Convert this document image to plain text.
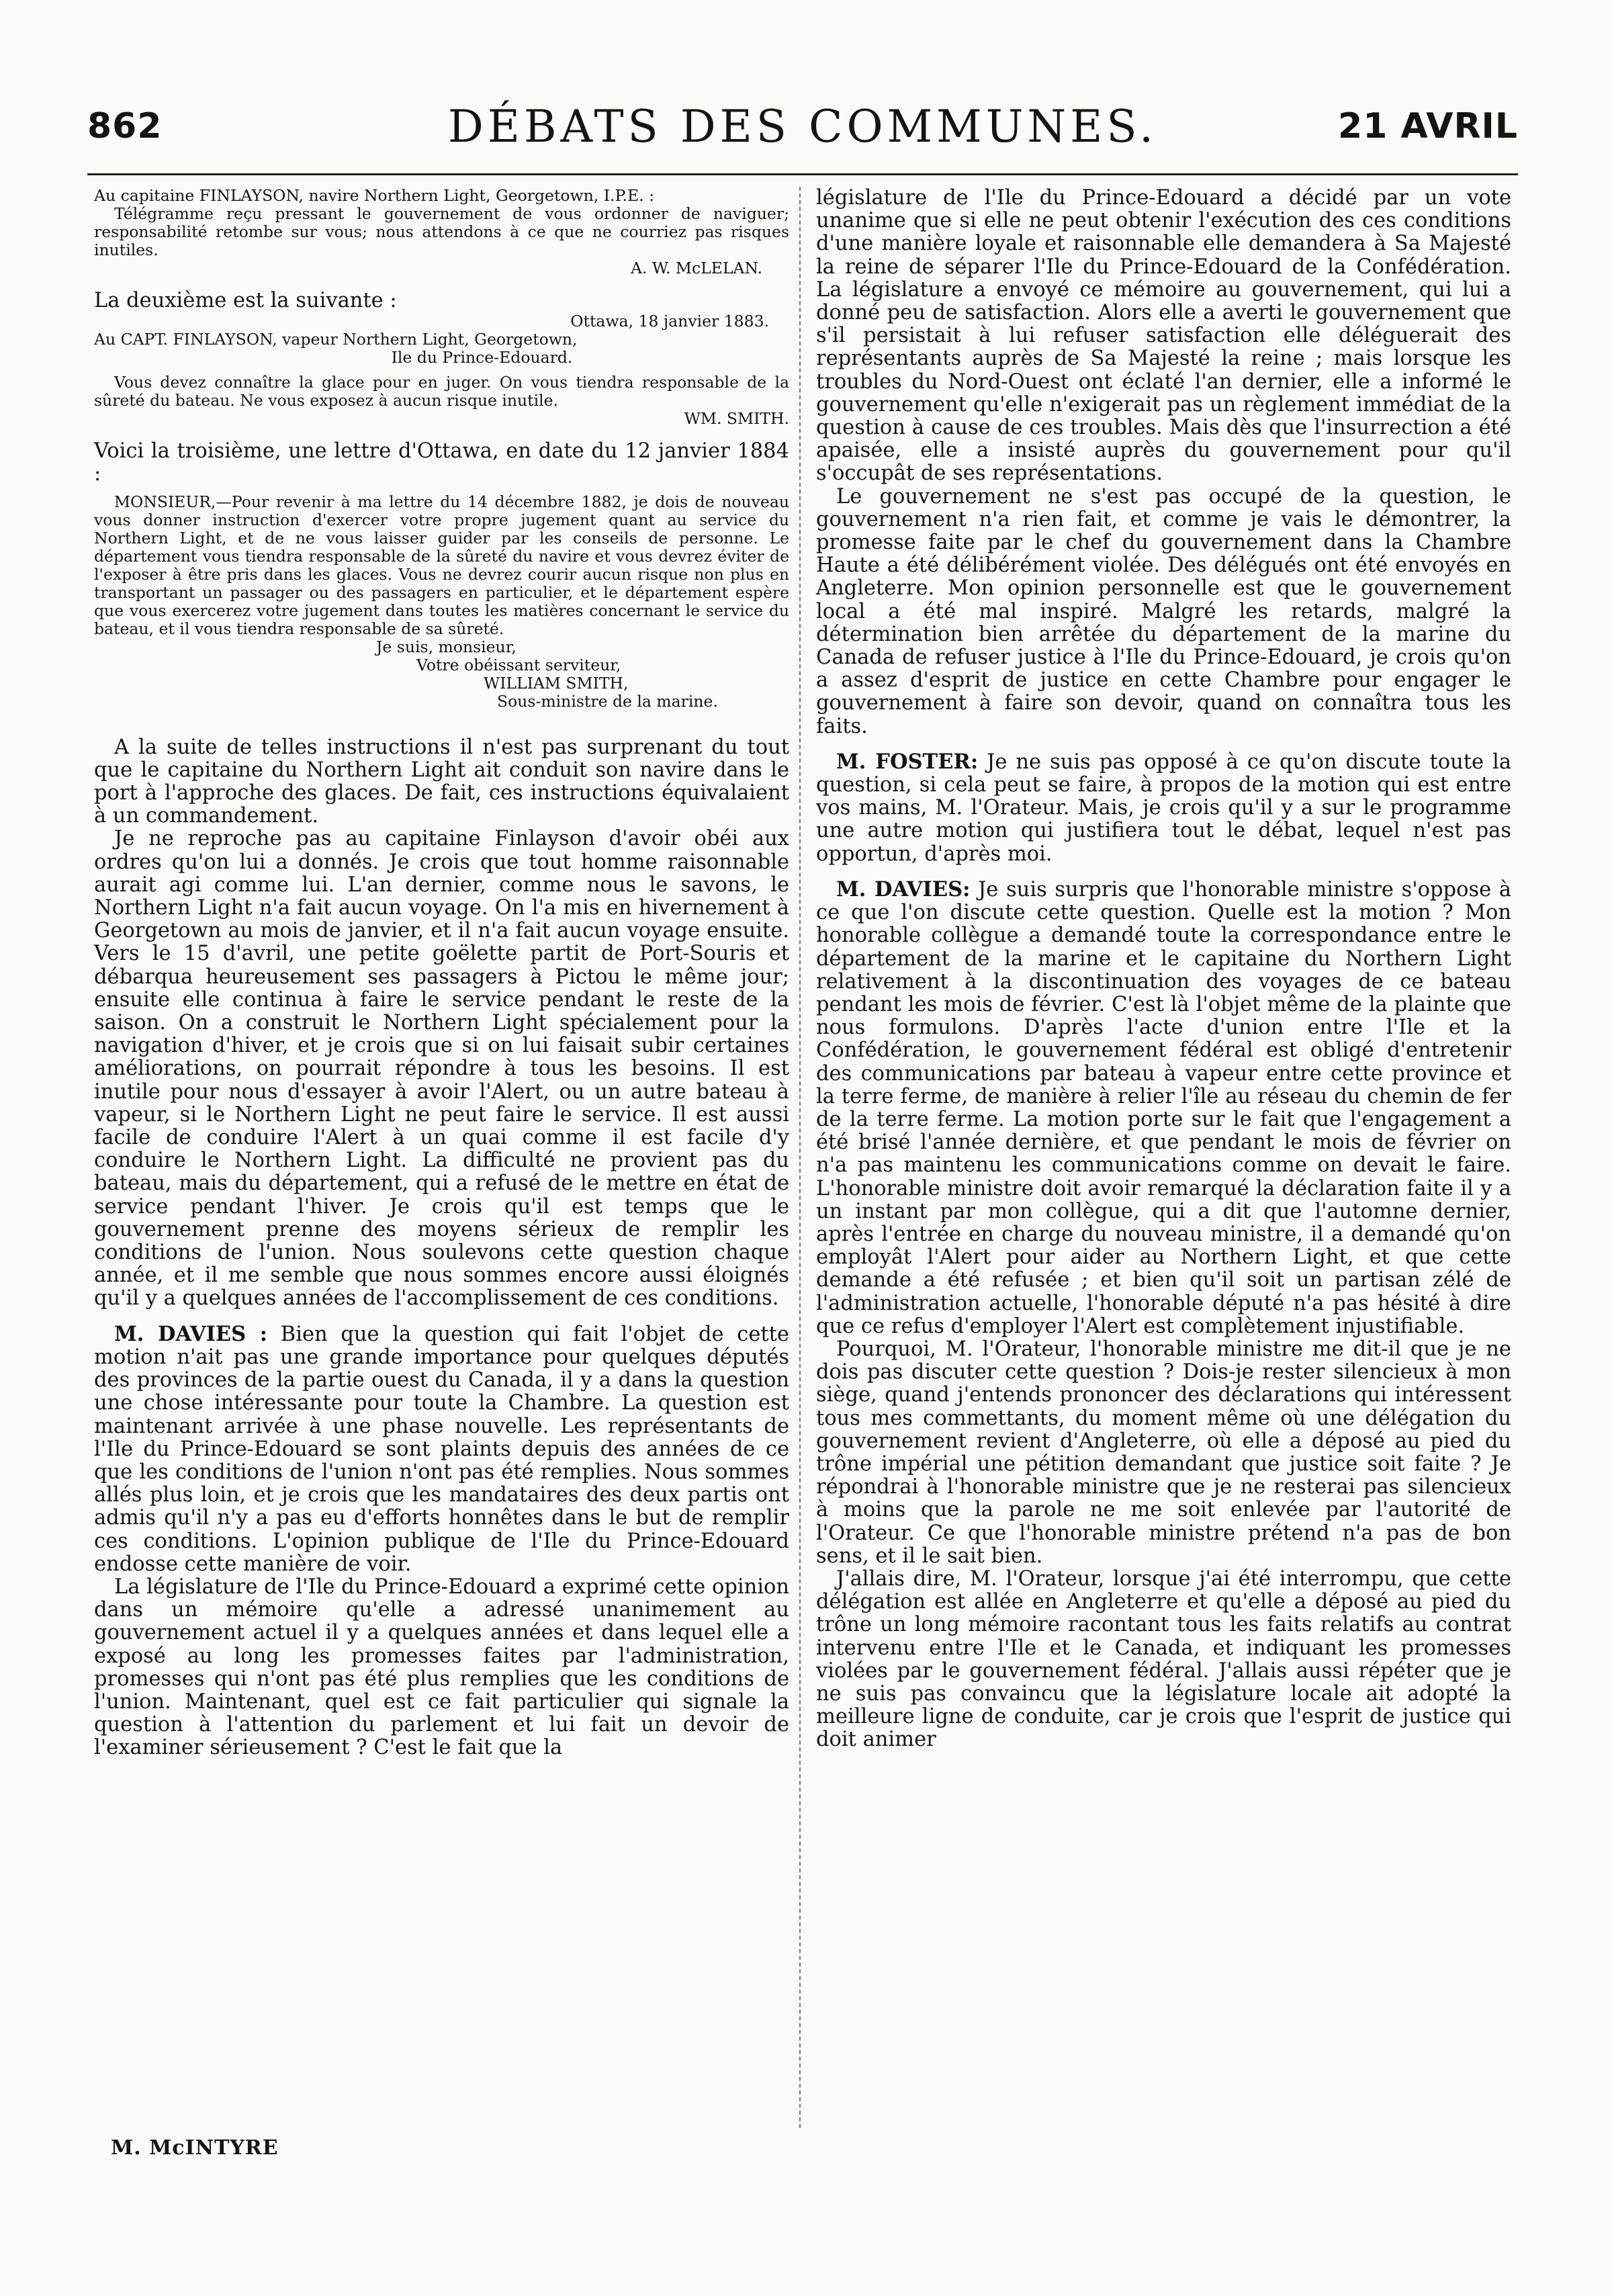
862	DÉBATS DES COMMUNES.	21 AVRIL

Au capitaine FINLAYSON, navire Northern Light, Georgetown, I.P.E. :

Télégramme reçu pressant le gouvernement de vous ordonner de naviguer; responsabilité retombe sur vous; nous attendons à ce que ne courriez pas risques inutiles.

A. W. McLELAN.

La deuxième est la suivante :

Ottawa, 18 janvier 1883.

Au CAPT. FINLAYSON, vapeur Northern Light, Georgetown,

Ile du Prince-Edouard.

Vous devez connaître la glace pour en juger. On vous tiendra responsable de la sûreté du bateau. Ne vous exposez à aucun risque inutile.

WM. SMITH.

Voici la troisième, une lettre d'Ottawa, en date du 12 janvier 1884 :

MONSIEUR,—Pour revenir à ma lettre du 14 décembre 1882, je dois de nouveau vous donner instruction d'exercer votre propre jugement quant au service du Northern Light, et de ne vous laisser guider par les conseils de personne. Le département vous tiendra responsable de la sûreté du navire et vous devrez éviter de l'exposer à être pris dans les glaces. Vous ne devrez courir aucun risque non plus en transportant un passager ou des passagers en particulier, et le département espère que vous exercerez votre jugement dans toutes les matières concernant le service du bateau, et il vous tiendra responsable de sa sûreté.

Je suis, monsieur,

Votre obéissant serviteur,

WILLIAM SMITH,

Sous-ministre de la marine.

A la suite de telles instructions il n'est pas surprenant du tout que le capitaine du Northern Light ait conduit son navire dans le port à l'approche des glaces. De fait, ces instructions équivalaient à un commandement.

Je ne reproche pas au capitaine Finlayson d'avoir obéi aux ordres qu'on lui a donnés. Je crois que tout homme raisonnable aurait agi comme lui. L'an dernier, comme nous le savons, le Northern Light n'a fait aucun voyage. On l'a mis en hivernement à Georgetown au mois de janvier, et il n'a fait aucun voyage ensuite. Vers le 15 d'avril, une petite goëlette partit de Port-Souris et débarqua heureusement ses passagers à Pictou le même jour; ensuite elle continua à faire le service pendant le reste de la saison. On a construit le Northern Light spécialement pour la navigation d'hiver, et je crois que si on lui faisait subir certaines améliorations, on pourrait répondre à tous les besoins. Il est inutile pour nous d'essayer à avoir l'Alert, ou un autre bateau à vapeur, si le Northern Light ne peut faire le service. Il est aussi facile de conduire l'Alert à un quai comme il est facile d'y conduire le Northern Light. La difficulté ne provient pas du bateau, mais du département, qui a refusé de le mettre en état de service pendant l'hiver. Je crois qu'il est temps que le gouvernement prenne des moyens sérieux de remplir les conditions de l'union. Nous soulevons cette question chaque année, et il me semble que nous sommes encore aussi éloignés qu'il y a quelques années de l'accomplissement de ces conditions.

M. DAVIES : Bien que la question qui fait l'objet de cette motion n'ait pas une grande importance pour quelques députés des provinces de la partie ouest du Canada, il y a dans la question une chose intéressante pour toute la Chambre. La question est maintenant arrivée à une phase nouvelle. Les représentants de l'Ile du Prince-Edouard se sont plaints depuis des années de ce que les conditions de l'union n'ont pas été remplies. Nous sommes allés plus loin, et je crois que les mandataires des deux partis ont admis qu'il n'y a pas eu d'efforts honnêtes dans le but de remplir ces conditions. L'opinion publique de l'Ile du Prince-Edouard endosse cette manière de voir.

La législature de l'Ile du Prince-Edouard a exprimé cette opinion dans un mémoire qu'elle a adressé unanimement au gouvernement actuel il y a quelques années et dans lequel elle a exposé au long les promesses faites par l'administration, promesses qui n'ont pas été plus remplies que les conditions de l'union. Maintenant, quel est ce fait particulier qui signale la question à l'attention du parlement et lui fait un devoir de l'examiner sérieusement ? C'est le fait que la

législature de l'Ile du Prince-Edouard a décidé par un vote unanime que si elle ne peut obtenir l'exécution des ces conditions d'une manière loyale et raisonnable elle demandera à Sa Majesté la reine de séparer l'Ile du Prince-Edouard de la Confédération. La législature a envoyé ce mémoire au gouvernement, qui lui a donné peu de satisfaction. Alors elle a averti le gouvernement que s'il persistait à lui refuser satisfaction elle déléguerait des représentants auprès de Sa Majesté la reine ; mais lorsque les troubles du Nord-Ouest ont éclaté l'an dernier, elle a informé le gouvernement qu'elle n'exigerait pas un règlement immédiat de la question à cause de ces troubles. Mais dès que l'insurrection a été apaisée, elle a insisté auprès du gouvernement pour qu'il s'occupât de ses représentations.

Le gouvernement ne s'est pas occupé de la question, le gouvernement n'a rien fait, et comme je vais le démontrer, la promesse faite par le chef du gouvernement dans la Chambre Haute a été délibérément violée. Des délégués ont été envoyés en Angleterre. Mon opinion personnelle est que le gouvernement local a été mal inspiré. Malgré les retards, malgré la détermination bien arrêtée du département de la marine du Canada de refuser justice à l'Ile du Prince-Edouard, je crois qu'on a assez d'esprit de justice en cette Chambre pour engager le gouvernement à faire son devoir, quand on connaîtra tous les faits.

M. FOSTER: Je ne suis pas opposé à ce qu'on discute toute la question, si cela peut se faire, à propos de la motion qui est entre vos mains, M. l'Orateur. Mais, je crois qu'il y a sur le programme une autre motion qui justifiera tout le débat, lequel n'est pas opportun, d'après moi.

M. DAVIES: Je suis surpris que l'honorable ministre s'oppose à ce que l'on discute cette question. Quelle est la motion ? Mon honorable collègue a demandé toute la correspondance entre le département de la marine et le capitaine du Northern Light relativement à la discontinuation des voyages de ce bateau pendant les mois de février. C'est là l'objet même de la plainte que nous formulons. D'après l'acte d'union entre l'Ile et la Confédération, le gouvernement fédéral est obligé d'entretenir des communications par bateau à vapeur entre cette province et la terre ferme, de manière à relier l'île au réseau du chemin de fer de la terre ferme. La motion porte sur le fait que l'engagement a été brisé l'année dernière, et que pendant le mois de février on n'a pas maintenu les communications comme on devait le faire. L'honorable ministre doit avoir remarqué la déclaration faite il y a un instant par mon collègue, qui a dit que l'automne dernier, après l'entrée en charge du nouveau ministre, il a demandé qu'on employât l'Alert pour aider au Northern Light, et que cette demande a été refusée ; et bien qu'il soit un partisan zélé de l'administration actuelle, l'honorable député n'a pas hésité à dire que ce refus d'employer l'Alert est complètement injustifiable.

Pourquoi, M. l'Orateur, l'honorable ministre me dit-il que je ne dois pas discuter cette question ? Dois-je rester silencieux à mon siège, quand j'entends prononcer des déclarations qui intéressent tous mes commettants, du moment même où une délégation du gouvernement revient d'Angleterre, où elle a déposé au pied du trône impérial une pétition demandant que justice soit faite ? Je répondrai à l'honorable ministre que je ne resterai pas silencieux à moins que la parole ne me soit enlevée par l'autorité de l'Orateur. Ce que l'honorable ministre prétend n'a pas de bon sens, et il le sait bien.

J'allais dire, M. l'Orateur, lorsque j'ai été interrompu, que cette délégation est allée en Angleterre et qu'elle a déposé au pied du trône un long mémoire racontant tous les faits relatifs au contrat intervenu entre l'Ile et le Canada, et indiquant les promesses violées par le gouvernement fédéral. J'allais aussi répéter que je ne suis pas convaincu que la législature locale ait adopté la meilleure ligne de conduite, car je crois que l'esprit de justice qui doit animer

M. McINTYRE
